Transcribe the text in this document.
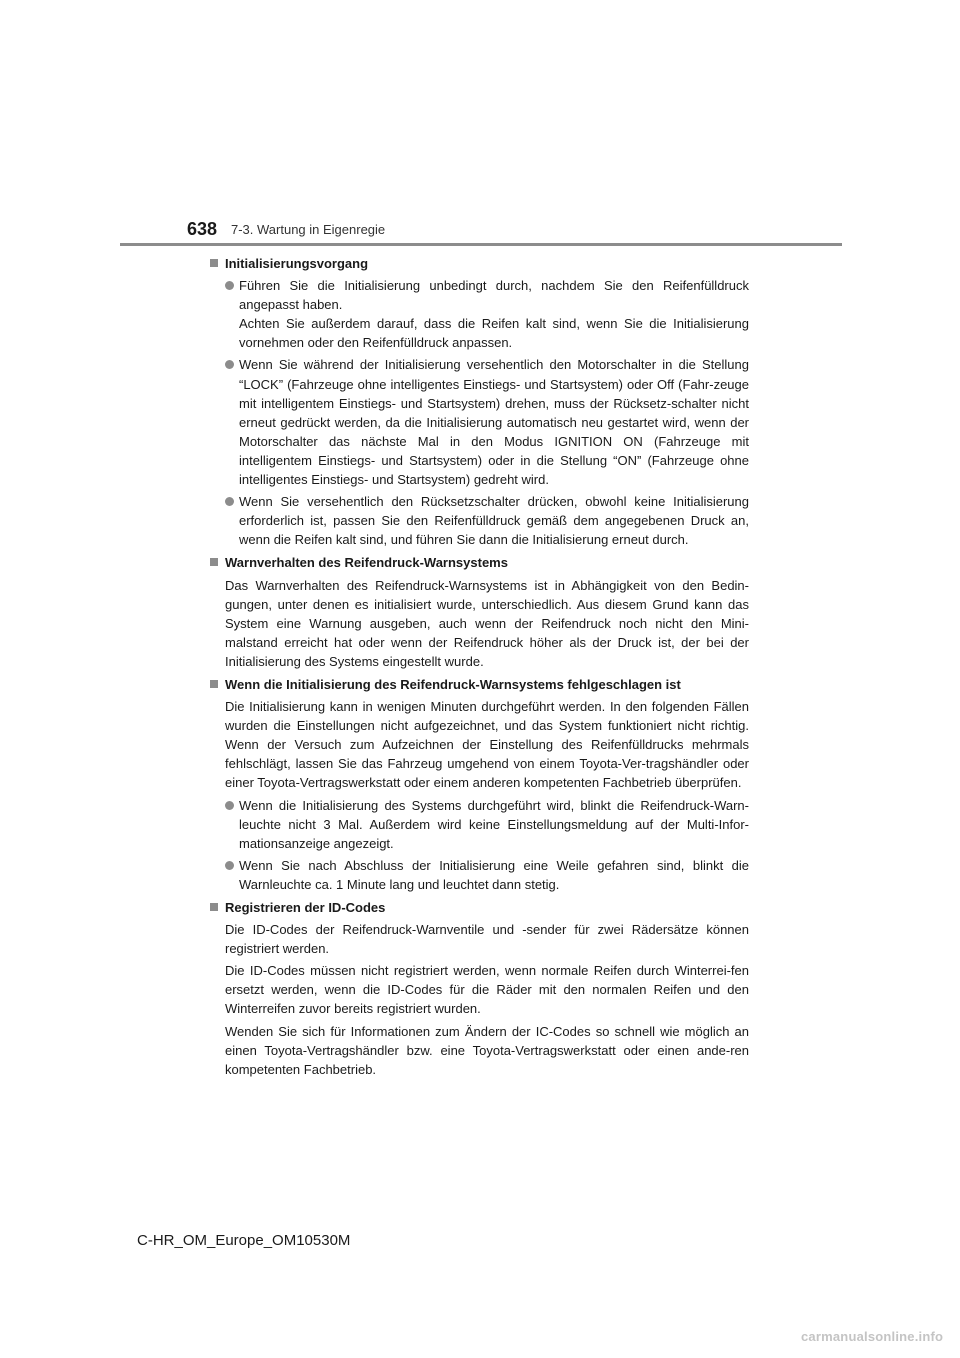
638 7-3. Wartung in Eigenregie
Initialisierungsvorgang
Führen Sie die Initialisierung unbedingt durch, nachdem Sie den Reifenfülldruck angepasst haben.
Achten Sie außerdem darauf, dass die Reifen kalt sind, wenn Sie die Initialisierung vornehmen oder den Reifenfülldruck anpassen.
Wenn Sie während der Initialisierung versehentlich den Motorschalter in die Stellung “LOCK” (Fahrzeuge ohne intelligentes Einstiegs- und Startsystem) oder Off (Fahr-zeuge mit intelligentem Einstiegs- und Startsystem) drehen, muss der Rücksetz-schalter nicht erneut gedrückt werden, da die Initialisierung automatisch neu gestartet wird, wenn der Motorschalter das nächste Mal in den Modus IGNITION ON (Fahrzeuge mit intelligentem Einstiegs- und Startsystem) oder in die Stellung “ON” (Fahrzeuge ohne intelligentes Einstiegs- und Startsystem) gedreht wird.
Wenn Sie versehentlich den Rücksetzschalter drücken, obwohl keine Initialisierung erforderlich ist, passen Sie den Reifenfülldruck gemäß dem angegebenen Druck an, wenn die Reifen kalt sind, und führen Sie dann die Initialisierung erneut durch.
Warnverhalten des Reifendruck-Warnsystems
Das Warnverhalten des Reifendruck-Warnsystems ist in Abhängigkeit von den Bedin-gungen, unter denen es initialisiert wurde, unterschiedlich. Aus diesem Grund kann das System eine Warnung ausgeben, auch wenn der Reifendruck noch nicht den Mini-malstand erreicht hat oder wenn der Reifendruck höher als der Druck ist, der bei der Initialisierung des Systems eingestellt wurde.
Wenn die Initialisierung des Reifendruck-Warnsystems fehlgeschlagen ist
Die Initialisierung kann in wenigen Minuten durchgeführt werden. In den folgenden Fällen wurden die Einstellungen nicht aufgezeichnet, und das System funktioniert nicht richtig. Wenn der Versuch zum Aufzeichnen der Einstellung des Reifenfülldrucks mehrmals fehlschlägt, lassen Sie das Fahrzeug umgehend von einem Toyota-Ver-tragshändler oder einer Toyota-Vertragswerkstatt oder einem anderen kompetenten Fachbetrieb überprüfen.
Wenn die Initialisierung des Systems durchgeführt wird, blinkt die Reifendruck-Warn-leuchte nicht 3 Mal. Außerdem wird keine Einstellungsmeldung auf der Multi-Infor-mationsanzeige angezeigt.
Wenn Sie nach Abschluss der Initialisierung eine Weile gefahren sind, blinkt die Warnleuchte ca. 1 Minute lang und leuchtet dann stetig.
Registrieren der ID-Codes
Die ID-Codes der Reifendruck-Warnventile und -sender für zwei Rädersätze können registriert werden.
Die ID-Codes müssen nicht registriert werden, wenn normale Reifen durch Winterrei-fen ersetzt werden, wenn die ID-Codes für die Räder mit den normalen Reifen und den Winterreifen zuvor bereits registriert wurden.
Wenden Sie sich für Informationen zum Ändern der IC-Codes so schnell wie möglich an einen Toyota-Vertragshändler bzw. eine Toyota-Vertragswerkstatt oder einen ande-ren kompetenten Fachbetrieb.
C-HR_OM_Europe_OM10530M
carmanualsonline.info
